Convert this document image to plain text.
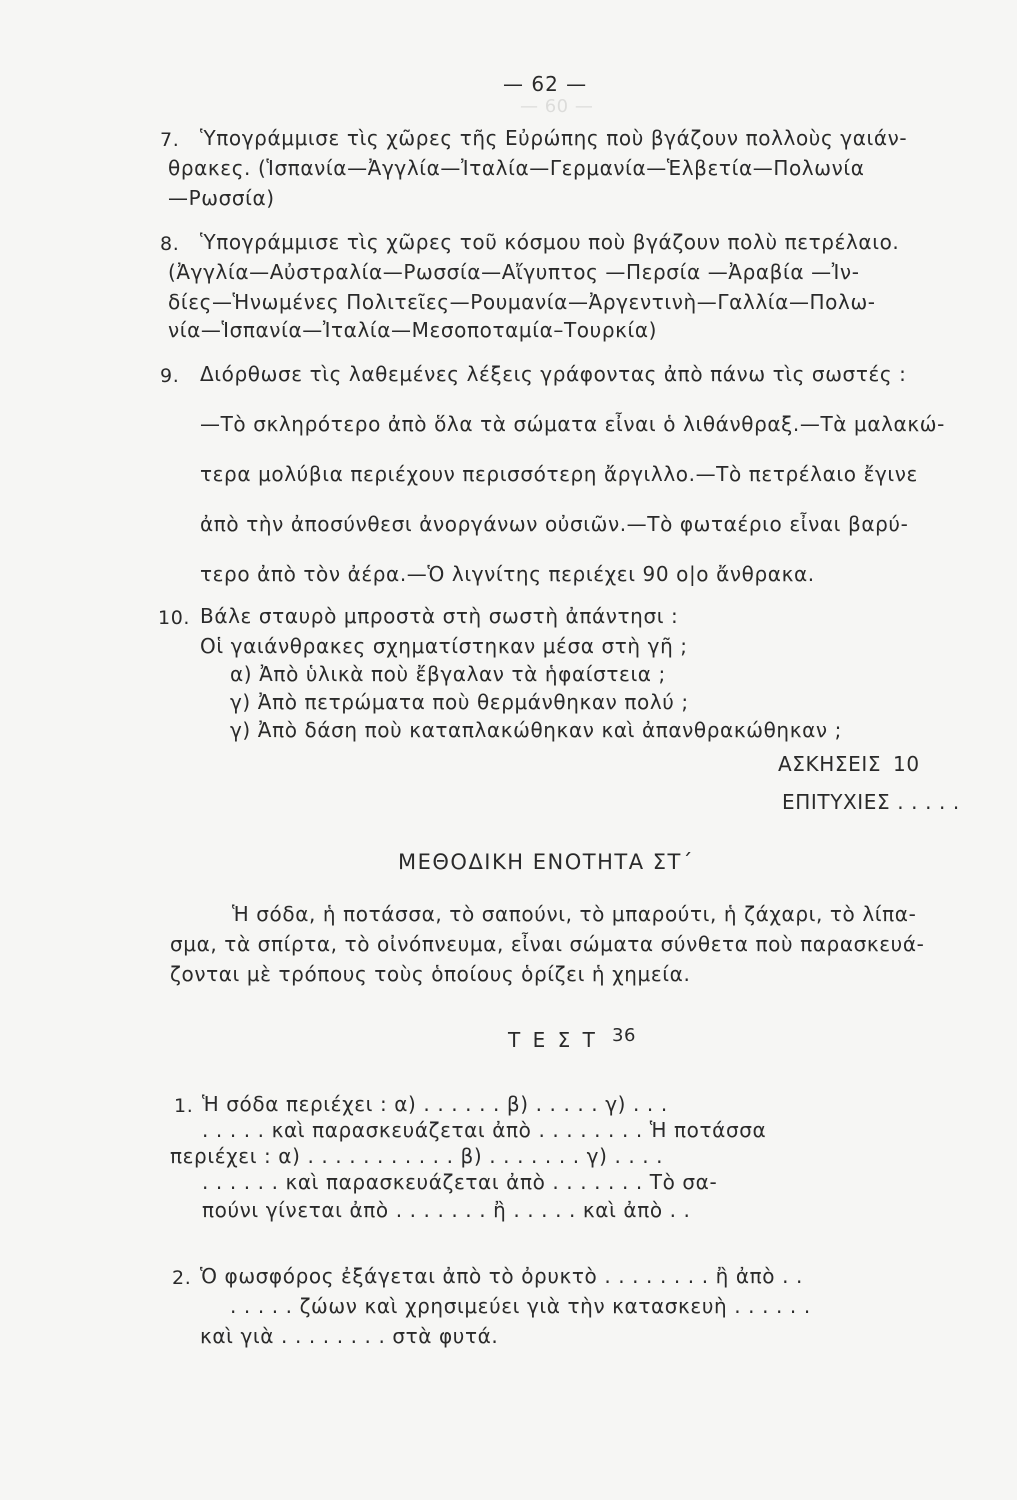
— 60 —
— 62 —
7. Ὑπογράμμισε τὶς χῶρες τῆς Εὐρώπης ποὺ βγάζουν πολλοὺς γαιάν-
θρακες. (Ἱσπανία—Ἀγγλία—Ἰταλία—Γερμανία—Ἑλβετία—Πολωνία
—Ρωσσία)
8. Ὑπογράμμισε τὶς χῶρες τοῦ κόσμου ποὺ βγάζουν πολὺ πετρέλαιο.
(Ἀγγλία—Αὐστραλία—Ρωσσία—Αἴγυπτος —Περσία —Ἀραβία —Ἰν-
δίες—Ἡνωμένες Πολιτεῖες—Ρουμανία—Ἀργεντινὴ—Γαλλία—Πολω-
νία—Ἱσπανία—Ἰταλία—Μεσοποταμία–Τουρκία)
9. Διόρθωσε τὶς λαθεμένες λέξεις γράφοντας ἀπὸ πάνω τὶς σωστές :
—Τὸ σκληρότερο ἀπὸ ὅλα τὰ σώματα εἶναι ὁ λιθάνθραξ.—Τὰ μαλακώ-
τερα μολύβια περιέχουν περισσότερη ἄργιλλο.—Τὸ πετρέλαιο ἔγινε
ἀπὸ τὴν ἀποσύνθεσι ἀνοργάνων οὐσιῶν.—Τὸ φωταέριο εἶναι βαρύ-
τερο ἀπὸ τὸν ἀέρα.—Ὁ λιγνίτης περιέχει 90 ο|ο ἄνθρακα.
10. Βάλε σταυρὸ μπροστὰ στὴ σωστὴ ἀπάντησι :
Οἱ γαιάνθρακες σχηματίστηκαν μέσα στὴ γῆ ;
α) Ἀπὸ ὑλικὰ ποὺ ἔβγαλαν τὰ ἡφαίστεια ;
γ) Ἀπὸ πετρώματα ποὺ θερμάνθηκαν πολύ ;
γ) Ἀπὸ δάση ποὺ καταπλακώθηκαν καὶ ἀπανθρακώθηκαν ;
ΑΣΚΗΣΕΙΣ 10
ΕΠΙΤΥΧΙΕΣ . . . . .
ΜΕΘΟΔΙΚΗ ΕΝΟΤΗΤΑ ΣΤ΄
Ἡ σόδα, ἡ ποτάσσα, τὸ σαπούνι, τὸ μπαρούτι, ἡ ζάχαρι, τὸ λίπα-
σμα, τὰ σπίρτα, τὸ οἰνόπνευμα, εἶναι σώματα σύνθετα ποὺ παρασκευά-
ζονται μὲ τρόπους τοὺς ὁποίους ὁρίζει ἡ χημεία.
Τ Ε Σ Τ 36
1. Ἡ σόδα περιέχει : α) . . . . . . β) . . . . . γ) . . .
. . . . . καὶ παρασκευάζεται ἀπὸ . . . . . . . . Ἡ ποτάσσα
περιέχει : α) . . . . . . . . . . . β) . . . . . . . γ) . . . .
. . . . . . καὶ παρασκευάζεται ἀπὸ . . . . . . . Τὸ σα-
πούνι γίνεται ἀπὸ . . . . . . . ἢ . . . . . καὶ ἀπὸ . .
2. Ὁ φωσφόρος ἐξάγεται ἀπὸ τὸ ὀρυκτὸ . . . . . . . . ἢ ἀπὸ . .
. . . . . ζώων καὶ χρησιμεύει γιὰ τὴν κατασκευὴ . . . . . .
καὶ γιὰ . . . . . . . . στὰ φυτά.
